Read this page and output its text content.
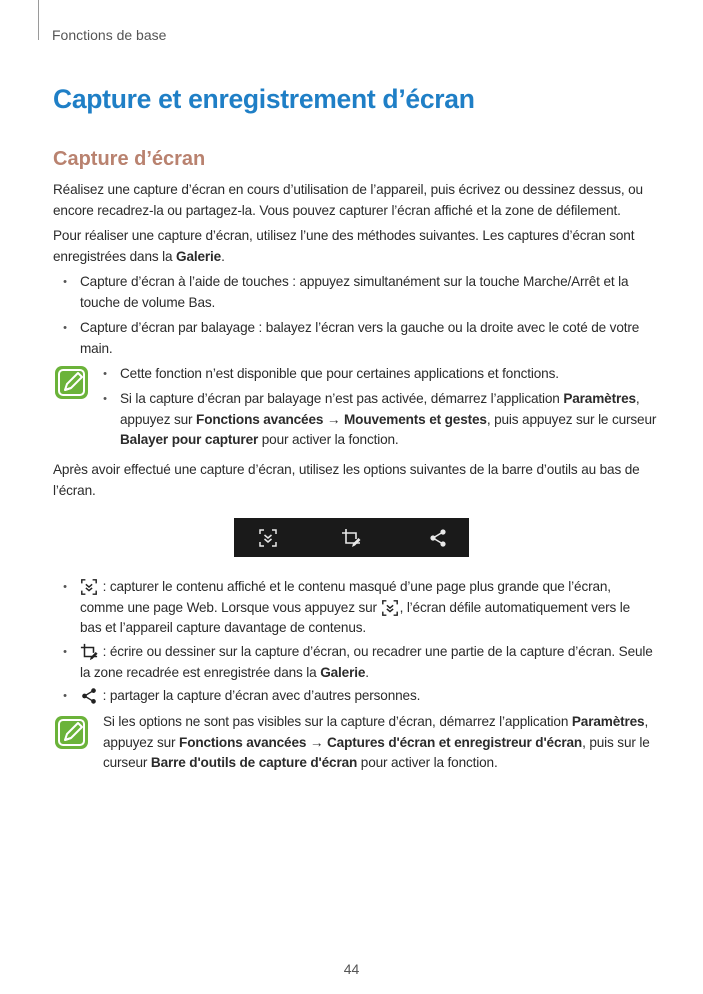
Fonctions de base
Capture et enregistrement d’écran
Capture d’écran

Réalisez une capture d’écran en cours d’utilisation de l’appareil, puis écrivez ou dessinez dessus, ou encore recadrez-la ou partagez-la. Vous pouvez capturer l’écran affiché et la zone de défilement.

Pour réaliser une capture d’écran, utilisez l’une des méthodes suivantes. Les captures d’écran sont enregistrées dans la Galerie.

• Capture d’écran à l’aide de touches : appuyez simultanément sur la touche Marche/Arrêt et la touche de volume Bas.
• Capture d’écran par balayage : balayez l’écran vers la gauche ou la droite avec le coté de votre main.
• Cette fonction n’est disponible que pour certaines applications et fonctions.
• Si la capture d’écran par balayage n’est pas activée, démarrez l’application Paramètres, appuyez sur Fonctions avancées → Mouvements et gestes, puis appuyez sur le curseur Balayer pour capturer pour activer la fonction.

Après avoir effectué une capture d’écran, utilisez les options suivantes de la barre d’outils au bas de l’écran.

• : capturer le contenu affiché et le contenu masqué d’une page plus grande que l’écran, comme une page Web. Lorsque vous appuyez sur , l’écran défile automatiquement vers le bas et l’appareil capture davantage de contenus.
• : écrire ou dessiner sur la capture d’écran, ou recadrer une partie de la capture d’écran. Seule la zone recadrée est enregistrée dans la Galerie.
• : partager la capture d’écran avec d’autres personnes.
Si les options ne sont pas visibles sur la capture d’écran, démarrez l’application Paramètres, appuyez sur Fonctions avancées → Captures d'écran et enregistreur d'écran, puis sur le curseur Barre d'outils de capture d'écran pour activer la fonction.
44
